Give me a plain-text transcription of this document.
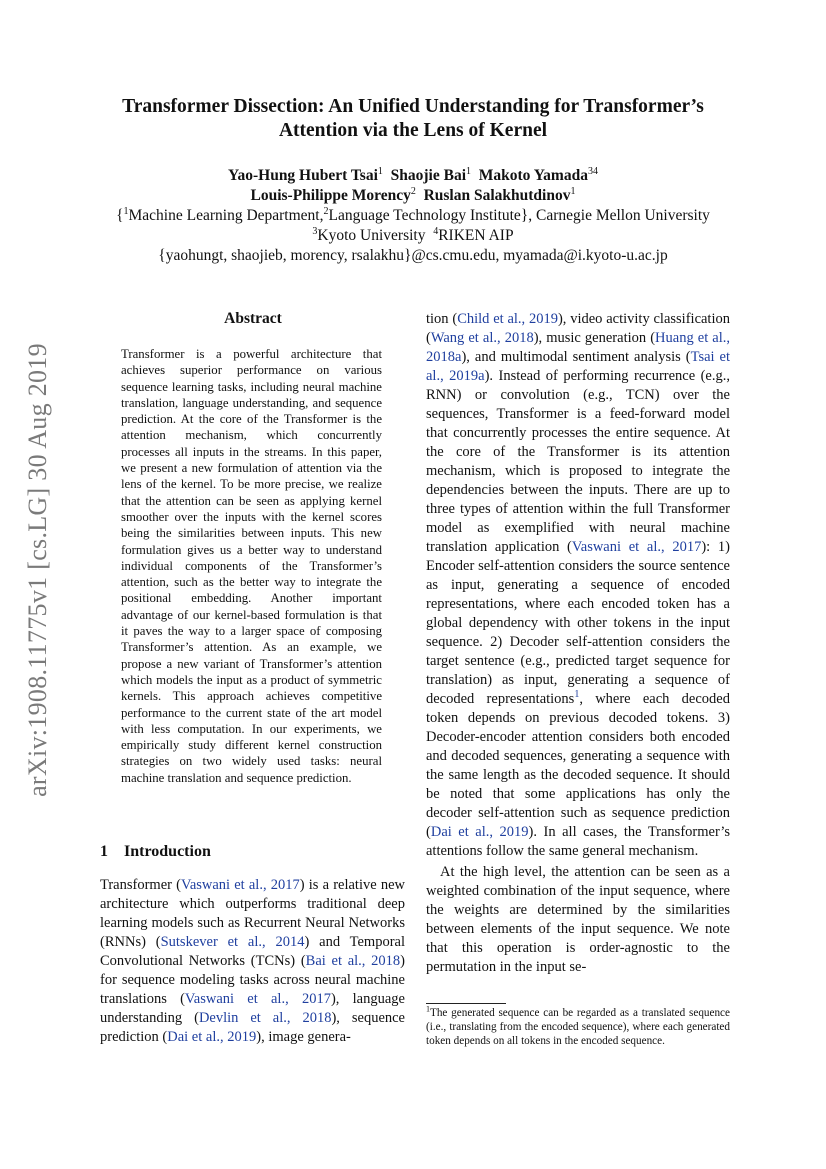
arXiv:1908.11775v1 [cs.LG] 30 Aug 2019
Transformer Dissection: An Unified Understanding for Transformer’s
Attention via the Lens of Kernel
Yao-Hung Hubert Tsai$^1$ Shaojie Bai$^1$ Makoto Yamada$^{34}$
Louis-Philippe Morency$^2$ Ruslan Salakhutdinov$^1$
{$^1$Machine Learning Department,$^2$Language Technology Institute}, Carnegie Mellon University
$^3$Kyoto University  $^4$RIKEN AIP
{yaohungt, shaojieb, morency, rsalakhu}@cs.cmu.edu, myamada@i.kyoto-u.ac.jp
Abstract

Transformer is a powerful architecture that achieves superior performance on various sequence learning tasks, including neural machine translation, language understanding, and sequence prediction. At the core of the Transformer is the attention mechanism, which concurrently processes all inputs in the streams. In this paper, we present a new formulation of attention via the lens of the kernel. To be more precise, we realize that the attention can be seen as applying kernel smoother over the inputs with the kernel scores being the similarities between inputs. This new formulation gives us a better way to understand individual components of the Transformer’s attention, such as the better way to integrate the positional embedding. Another important advantage of our kernel-based formulation is that it paves the way to a larger space of composing Transformer’s attention. As an example, we propose a new variant of Transformer’s attention which models the input as a product of symmetric kernels. This approach achieves competitive performance to the current state of the art model with less computation. In our experiments, we empirically study different kernel construction strategies on two widely used tasks: neural machine translation and sequence prediction.

1 Introduction

Transformer (Vaswani et al., 2017) is a relative new architecture which outperforms traditional deep learning models such as Recurrent Neural Networks (RNNs) (Sutskever et al., 2014) and Temporal Convolutional Networks (TCNs) (Bai et al., 2018) for sequence modeling tasks across neural machine translations (Vaswani et al., 2017), language understanding (Devlin et al., 2018), sequence prediction (Dai et al., 2019), image genera-

tion (Child et al., 2019), video activity classification (Wang et al., 2018), music generation (Huang et al., 2018a), and multimodal sentiment analysis (Tsai et al., 2019a). Instead of performing recurrence (e.g., RNN) or convolution (e.g., TCN) over the sequences, Transformer is a feed-forward model that concurrently processes the entire sequence. At the core of the Transformer is its attention mechanism, which is proposed to integrate the dependencies between the inputs. There are up to three types of attention within the full Transformer model as exemplified with neural machine translation application (Vaswani et al., 2017): 1) Encoder self-attention considers the source sentence as input, generating a sequence of encoded representations, where each encoded token has a global dependency with other tokens in the input sequence. 2) Decoder self-attention considers the target sentence (e.g., predicted target sequence for translation) as input, generating a sequence of decoded representations$^1$, where each decoded token depends on previous decoded tokens. 3) Decoder-encoder attention considers both encoded and decoded sequences, generating a sequence with the same length as the decoded sequence. It should be noted that some applications has only the decoder self-attention such as sequence prediction (Dai et al., 2019). In all cases, the Transformer’s attentions follow the same general mechanism.

At the high level, the attention can be seen as a weighted combination of the input sequence, where the weights are determined by the similarities between elements of the input sequence. We note that this operation is order-agnostic to the permutation in the input se-

$^1$The generated sequence can be regarded as a translated sequence (i.e., translating from the encoded sequence), where each generated token depends on all tokens in the encoded sequence.
